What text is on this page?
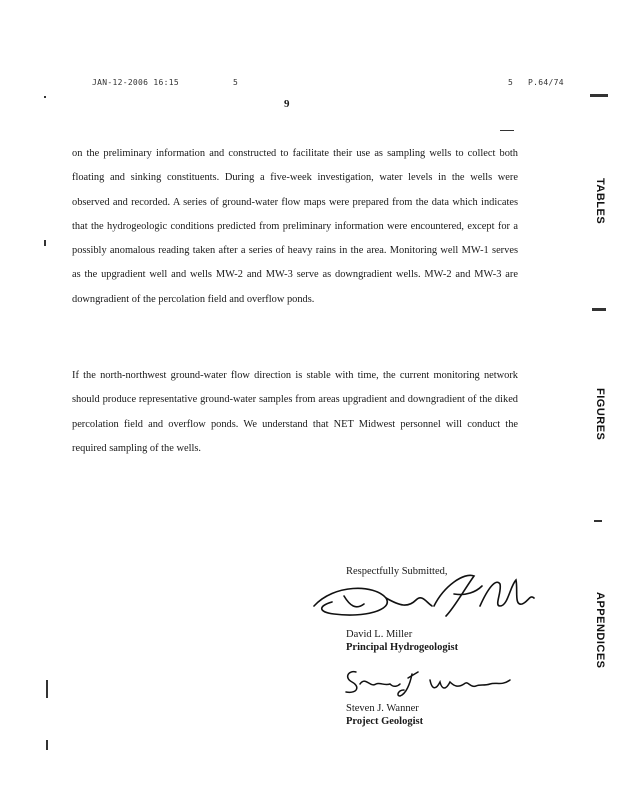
JAN-12-2006 16:15	5	5 P.64/74
9
on the preliminary information and constructed to facilitate their use as sampling wells to collect both floating and sinking constituents. During a five-week investigation, water levels in the wells were observed and recorded. A series of ground-water flow maps were prepared from the data which indicates that the hydrogeologic conditions predicted from preliminary information were encountered, except for a possibly anomalous reading taken after a series of heavy rains in the area. Monitoring well MW-1 serves as the upgradient well and wells MW-2 and MW-3 serve as downgradient wells. MW-2 and MW-3 are downgradient of the percolation field and overflow ponds.
If the north-northwest ground-water flow direction is stable with time, the current monitoring network should produce representative ground-water samples from areas upgradient and downgradient of the diked percolation field and overflow ponds. We understand that NET Midwest personnel will conduct the required sampling of the wells.
Respectfully Submitted,
David L. Miller
Principal Hydrogeologist
Steven J. Wanner
Project Geologist
TABLES
FIGURES
APPENDICES
